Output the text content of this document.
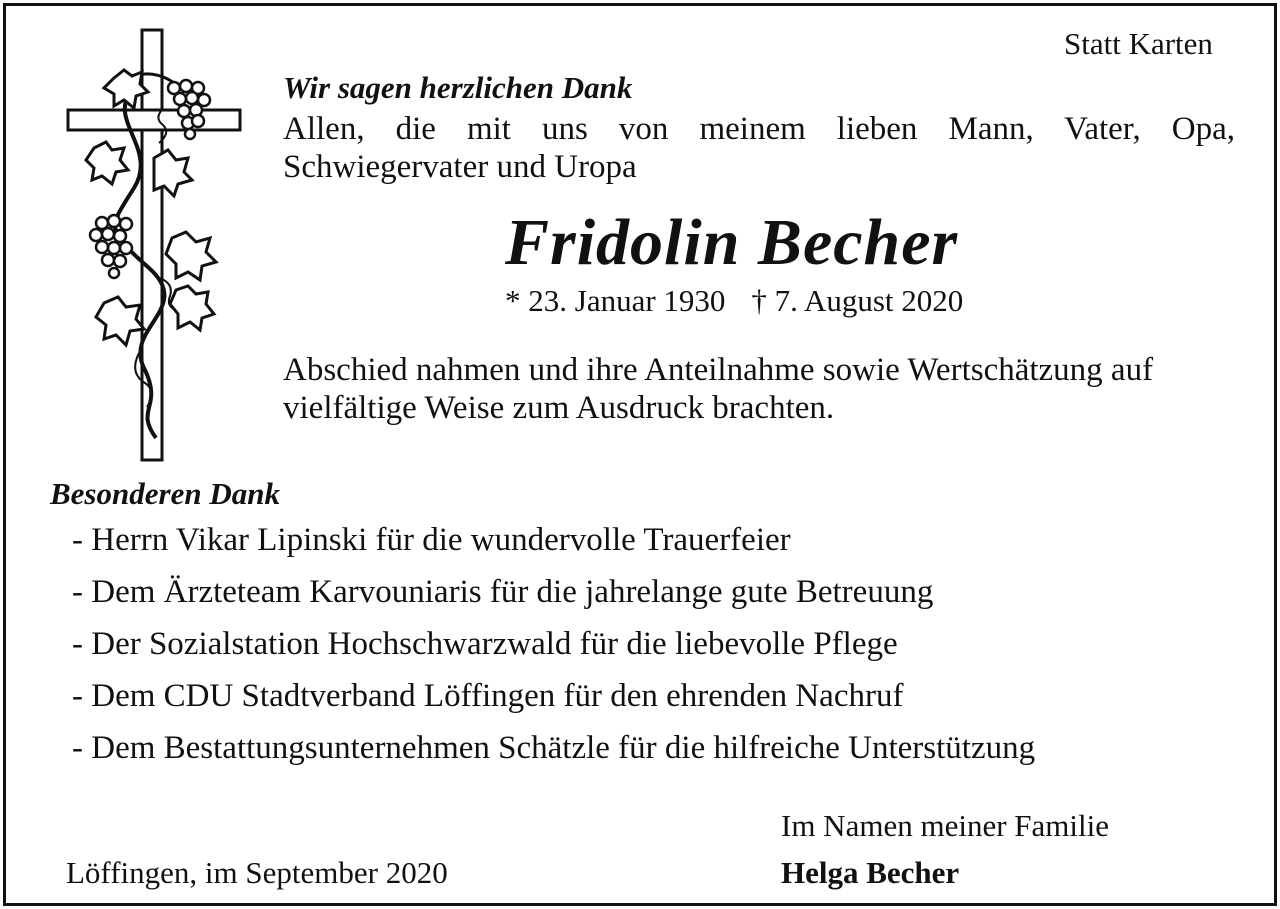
Statt Karten
Wir sagen herzlichen Dank
Allen, die mit uns von meinem lieben Mann, Vater, Opa, Schwiegervater und Uropa
Fridolin Becher
* 23. Januar 1930 † 7. August 2020
Abschied nahmen und ihre Anteilnahme sowie Wertschätzung auf vielfältige Weise zum Ausdruck brachten.
Besonderen Dank
- Herrn Vikar Lipinski für die wundervolle Trauerfeier
- Dem Ärzteteam Karvouniaris für die jahrelange gute Betreuung
- Der Sozialstation Hochschwarzwald für die liebevolle Pflege
- Dem CDU Stadtverband Löffingen für den ehrenden Nachruf
- Dem Bestattungsunternehmen Schätzle für die hilfreiche Unterstützung
Im Namen meiner Familie
Löffingen, im September 2020	Helga Becher
